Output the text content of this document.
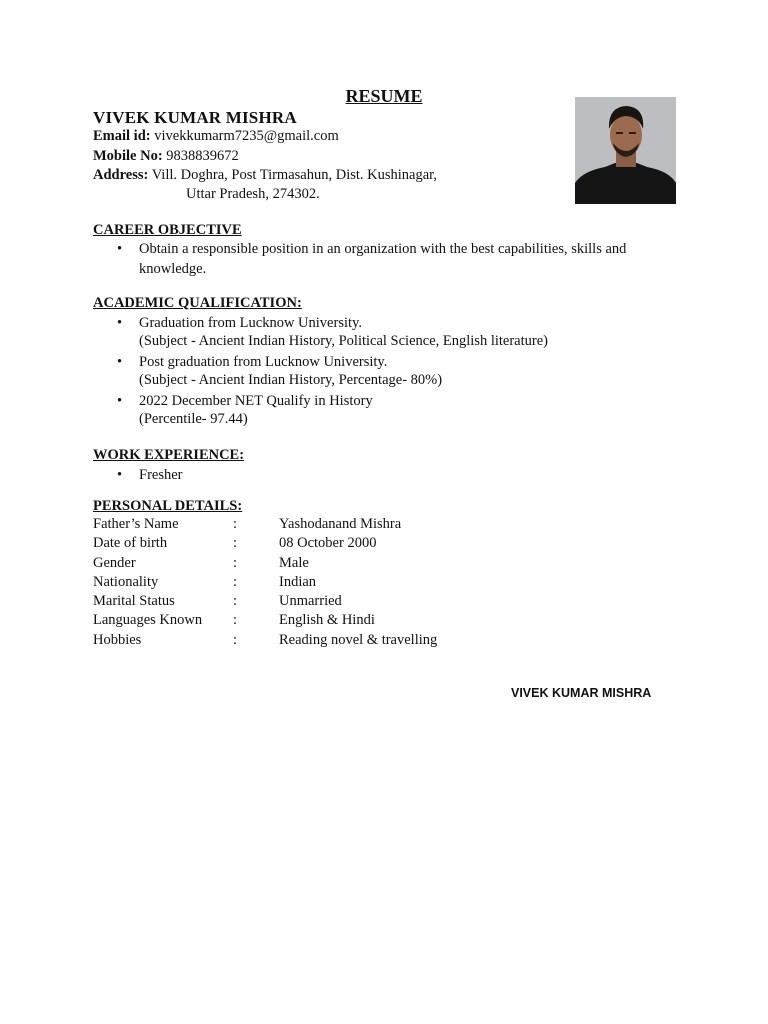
RESUME
VIVEK KUMAR MISHRA
Email id: vivekkumarm7235@gmail.com
Mobile No: 9838839672
Address: Vill. Doghra, Post Tirmasahun, Dist. Kushinagar,
Uttar Pradesh, 274302.
CAREER OBJECTIVE
• Obtain a responsible position in an organization with the best capabilities, skills and knowledge.
ACADEMIC QUALIFICATION:
• Graduation from Lucknow University.
(Subject - Ancient Indian History, Political Science, English literature)
• Post graduation from Lucknow University.
(Subject - Ancient Indian History, Percentage- 80%)
• 2022 December NET Qualify in History
(Percentile- 97.44)
WORK EXPERIENCE:
• Fresher
PERSONAL DETAILS:
Father’s Name	:	Yashodanand Mishra
Date of birth	:	08 October 2000
Gender	:	Male
Nationality	:	Indian
Marital Status	:	Unmarried
Languages Known :	English & Hindi
Hobbies	:	Reading novel & travelling
VIVEK KUMAR MISHRA
